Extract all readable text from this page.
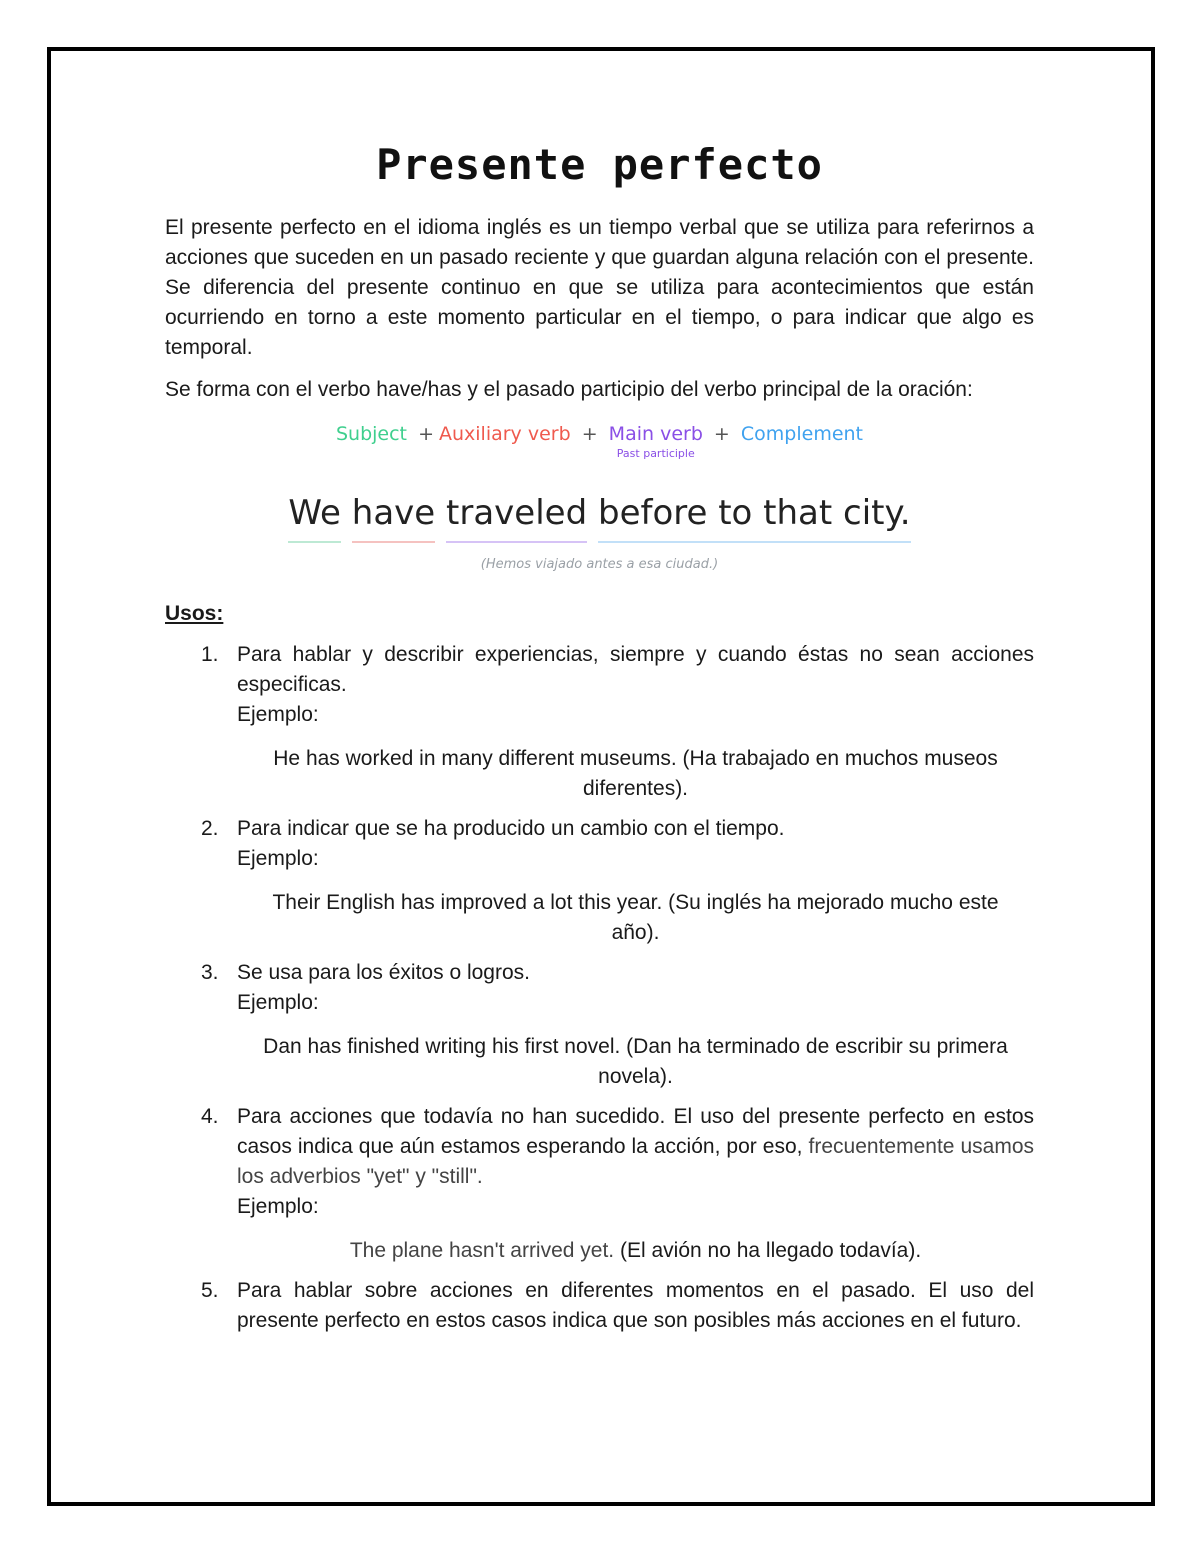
Presente perfecto

El presente perfecto en el idioma inglés es un tiempo verbal que se utiliza para referirnos a acciones que suceden en un pasado reciente y que guardan alguna relación con el presente. Se diferencia del presente continuo en que se utiliza para acontecimientos que están ocurriendo en torno a este momento particular en el tiempo, o para indicar que algo es temporal.

Se forma con el verbo have/has y el pasado participio del verbo principal de la oración:

Subject + Auxiliary verb + Main verb
Past participle
+ Complement
We have traveled before to that city.
(Hemos viajado antes a esa ciudad.)
Usos:
1. Para hablar y describir experiencias, siempre y cuando éstas no sean acciones especificas.
Ejemplo:
He has worked in many different museums. (Ha trabajado en muchos museos diferentes).
2. Para indicar que se ha producido un cambio con el tiempo.
Ejemplo:
Their English has improved a lot this year. (Su inglés ha mejorado mucho este año).
3. Se usa para los éxitos o logros.
Ejemplo:
Dan has finished writing his first novel. (Dan ha terminado de escribir su primera novela).
4. Para acciones que todavía no han sucedido. El uso del presente perfecto en estos casos indica que aún estamos esperando la acción, por eso, frecuentemente usamos los adverbios "yet" y "still".
Ejemplo:
The plane hasn't arrived yet. (El avión no ha llegado todavía).
5. Para hablar sobre acciones en diferentes momentos en el pasado. El uso del presente perfecto en estos casos indica que son posibles más acciones en el futuro.
